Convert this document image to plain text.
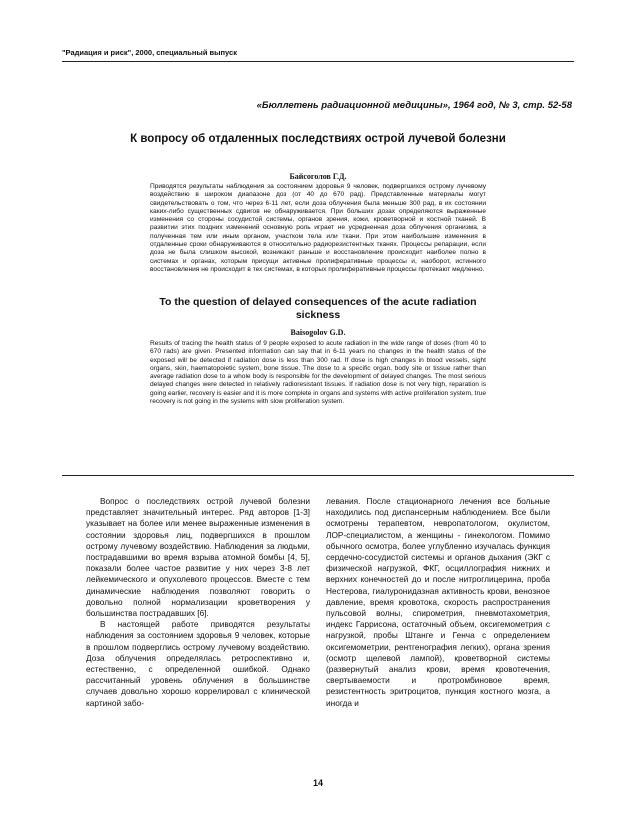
"Радиация и риск", 2000, специальный выпуск
«Бюллетень радиационной медицины», 1964 год, № 3, стр. 52-58
К вопросу об отдаленных последствиях острой лучевой болезни
Байсоголов Г.Д.

Приводятся результаты наблюдения за состоянием здоровья 9 человек, подвергшихся острому лучевому воздействию в широком диапазоне доз (от 40 до 670 рад). Представленные материалы могут свидетельствовать о том, что через 6-11 лет, если доза облучения была меньше 300 рад, в их состоянии каких-либо существенных сдвигов не обнаруживается. При больших дозах определяются выраженные изменения со стороны сосудистой системы, органов зрения, кожи, кроветворной и костной тканей. В развитии этих поздних изменений основную роль играет не усредненная доза облучения организма, а полученная тем или иным органом, участком тела или ткани. При этом наибольшие изменения в отдаленные сроки обнаруживаются в относительно радиорезистентных тканях. Процессы репарации, если доза не была слишком высокой, возникают раньше и восстановление происходит наиболее полно в системах и органах, которым присущи активные пролиферативные процессы и, наоборот, истинного восстановления не происходит в тех системах, в которых пролиферативные процессы протекают медленно.

To the question of delayed consequences of the acute radiation sickness
Baisogolov G.D.

Results of tracing the health status of 9 people exposed to acute radiation in the wide range of doses (from 40 to 670 rads) are given. Presented information can say that in 6-11 years no changes in the health status of the exposed will be detected if radiation dose is less than 300 rad. If dose is high changes in blood vessels, sight organs, skin, haematopoietic system, bone tissue. The dose to a specific organ, body site or tissue rather than average radiation dose to a whole body is responsible for the development of delayed changes. The most serious delayed changes were detected in relatively radioresistant tissues. If radiation dose is not very high, reparation is going earlier, recovery is easier and it is more complete in organs and systems with active proliferation system, true recovery is not going in the systems with slow proliferation system.

Вопрос о последствиях острой лучевой болезни представляет значительный интерес. Ряд авторов [1-3] указывает на более или менее выраженные изменения в состоянии здоровья лиц, подвергшихся в прошлом острому лучевому воздействию. Наблюдения за людьми, пострадавшими во время взрыва атомной бомбы [4, 5], показали более частое развитие у них через 3-8 лет лейкемического и опухолевого процессов. Вместе с тем динамические наблюдения позволяют говорить о довольно полной нормализации кроветворения у большинства пострадавших [6].

В настоящей работе приводятся результаты наблюдения за состоянием здоровья 9 человек, которые в прошлом подверглись острому лучевому воздействию. Доза облучения определялась ретроспективно и, естественно, с определенной ошибкой. Однако рассчитанный уровень облучения в большинстве случаев довольно хорошо коррелировал с клинической картиной забо-

левания. После стационарного лечения все больные находились под диспансерным наблюдением. Все были осмотрены терапевтом, невропатологом, окулистом, ЛОР-специалистом, а женщины - гинекологом. Помимо обычного осмотра, более углубленно изучалась функция сердечно-сосудистой системы и органов дыхания (ЭКГ с физической нагрузкой, ФКГ, осциллография нижних и верхних конечностей до и после нитроглицерина, проба Нестерова, гиалуронидазная активность крови, венозное давление, время кровотока, скорость распространения пульсовой волны, спирометрия, пневмотахометрия, индекс Гаррисона, остаточный объем, оксигемометрия с нагрузкой, пробы Штанге и Генча с определением оксигемометрии, рентгенография легких), органа зрения (осмотр щелевой лампой), кроветворной системы (развернутый анализ крови, время кровотечения, свертываемости и протромбиновое время, резистентность эритроцитов, пункция костного мозга, а иногда и

14
